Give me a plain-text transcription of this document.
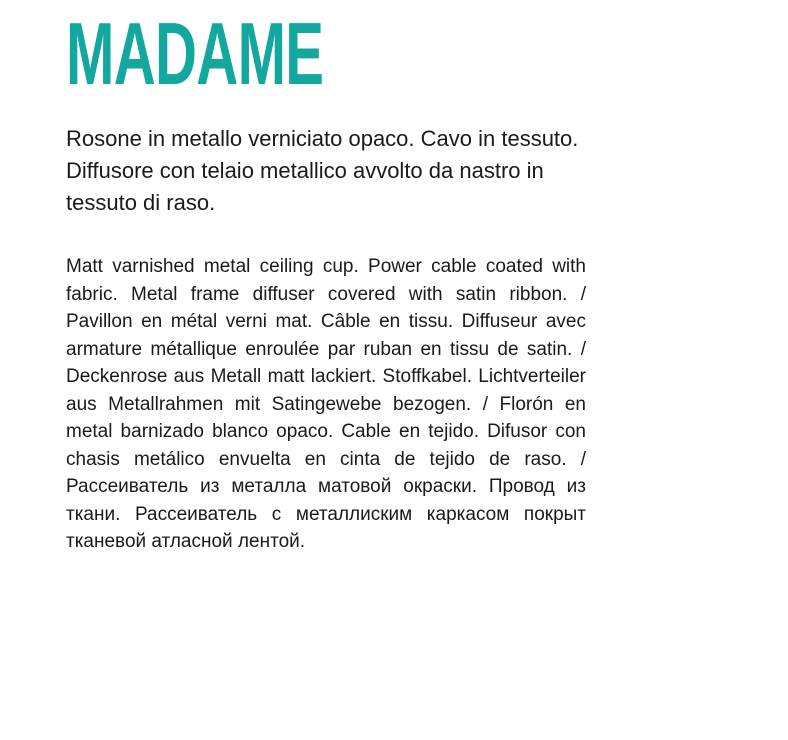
MADAME

Rosone in metallo verniciato opaco. Cavo in tessuto. Diffusore con telaio metallico avvolto da nastro in tessuto di raso.

Matt varnished metal ceiling cup. Power cable coated with fabric. Metal frame diffuser covered with satin ribbon. / Pavillon en métal verni mat. Câble en tissu. Diffuseur avec armature métallique enroulée par ruban en tissu de satin. / Deckenrose aus Metall matt lackiert. Stoffkabel. Lichtverteiler aus Metallrahmen mit Satingewebe bezogen. / Florón en metal barnizado blanco opaco. Cable en tejido. Difusor con chasis metálico envuelta en cinta de tejido de raso. / Рассеиватель из металла матовой окраски. Провод из ткани. Рассеиватель с металлиским каркасом покрыт тканевой атласной лентой.
